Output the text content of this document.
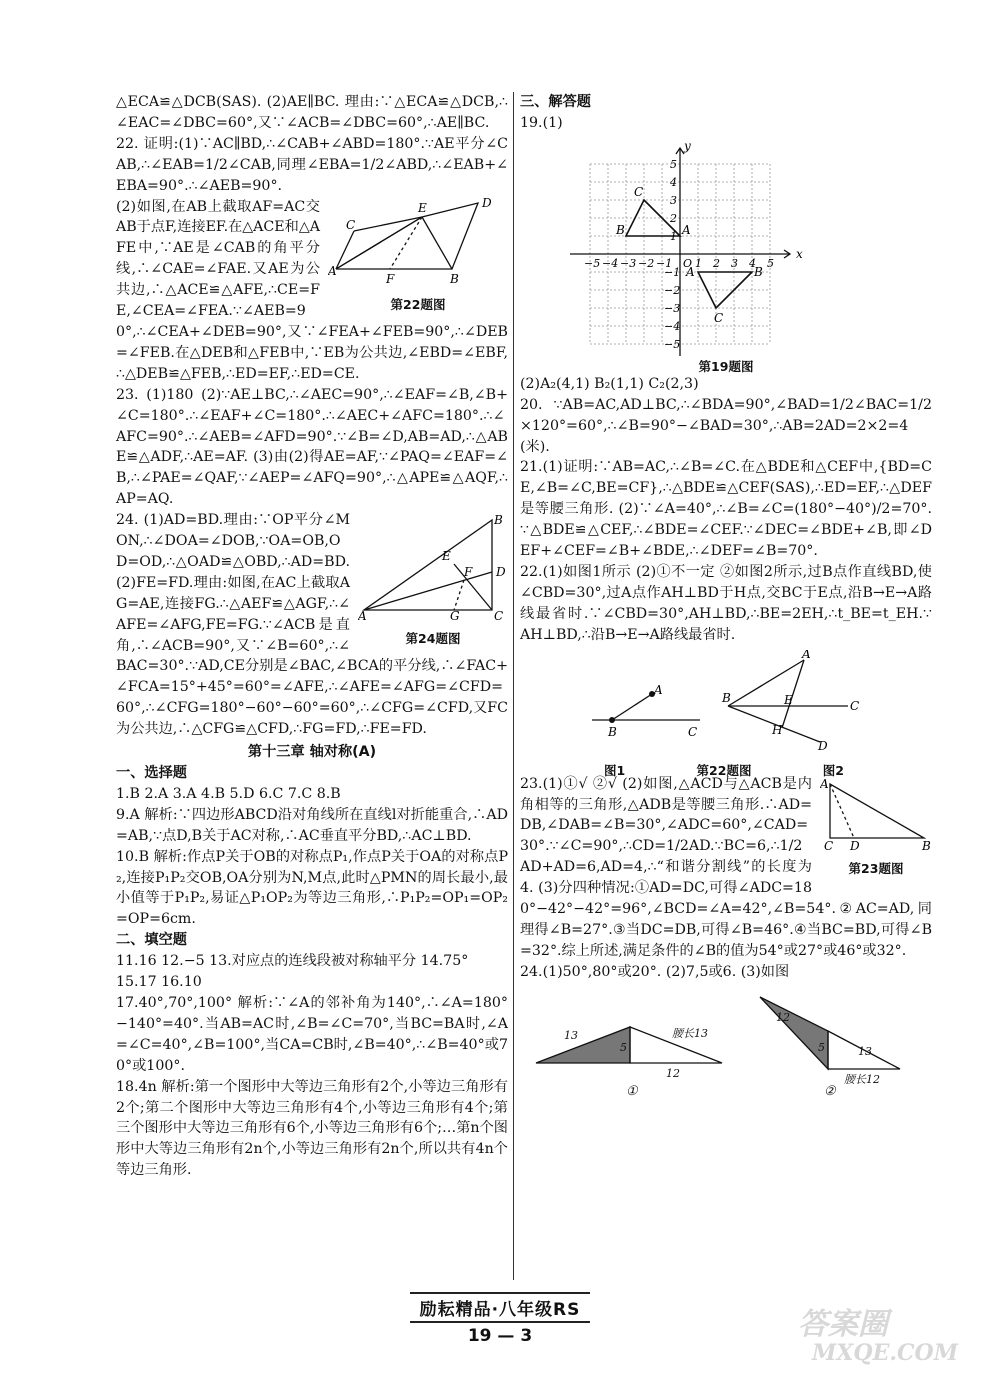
△ECA≌△DCB(SAS). (2)AE∥BC. 理由:∵△ECA≌△DCB,∴∠EAC=∠DBC=60°,又∵∠ACB=∠DBC=60°,∴AE∥BC.

22. 证明:(1)∵AC∥BD,∴∠CAB+∠ABD=180°.∵AE平分∠CAB,∴∠EAB=1/2∠CAB,同理∠EBA=1/2∠ABD,∴∠EAB+∠EBA=90°.∴∠AEB=90°.

A
C
E	D
F	B
第22题图

(2)如图,在AB上截取AF=AC交AB于点F,连接EF.在△ACE和△AFE中,∵AE是∠CAB的角平分线,∴∠CAE=∠FAE.又AE为公共边,∴△ACE≌△AFE,∴CE=FE,∠CEA=∠FEA.∵∠AEB=90°,∴∠CEA+∠DEB=90°,又∵∠FEA+∠FEB=90°,∴∠DEB=∠FEB.在△DEB和△FEB中,∵EB为公共边,∠EBD=∠EBF,∴△DEB≌△FEB,∴ED=EF,∴ED=CE.

23. (1)180 (2)∵AE⊥BC,∴∠AEC=90°,∴∠EAF=∠B,∠B+∠C=180°.∴∠EAF+∠C=180°.∴∠AEC+∠AFC=180°.∴∠AFC=90°.∴∠AEB=∠AFD=90°.∵∠B=∠D,AB=AD,∴△ABE≌△ADF,∴AE=AF. (3)由(2)得AE=AF,∵∠PAQ=∠EAF=∠B,∴∠PAE=∠QAF,∵∠AEP=∠AFQ=90°,∴△APE≌△AQF,∴AP=AQ.

A
B
C
D
E
F
G
第24题图

24. (1)AD=BD.理由:∵OP平分∠MON,∴∠DOA=∠DOB,∵OA=OB,OD=OD,∴△OAD≌△OBD,∴AD=BD. (2)FE=FD.理由:如图,在AC上截取AG=AE,连接FG.∴△AEF≌△AGF,∴∠AFE=∠AFG,FE=FG.∵∠ACB是直角,∴∠ACB=90°,又∵∠B=60°,∴∠BAC=30°.∵AD,CE分别是∠BAC,∠BCA的平分线,∴∠FAC+∠FCA=15°+45°=60°=∠AFE,∴∠AFE=∠AFG=∠CFD=60°,∴∠CFG=180°−60°−60°=60°,∴∠CFG=∠CFD,又FC为公共边,∴△CFG≌△CFD,∴FG=FD,∴FE=FD.

第十三章 轴对称(A)

一、选择题

1.B 2.A 3.A 4.B 5.D 6.C 7.C 8.B

9.A 解析:∵四边形ABCD沿对角线所在直线l对折能重合,∴AD=AB,∵点D,B关于AC对称,∴AC垂直平分BD,∴AC⊥BD.

10.B 解析:作点P关于OB的对称点P₁,作点P关于OA的对称点P₂,连接P₁P₂交OB,OA分别为N,M点,此时△PMN的周长最小,最小值等于P₁P₂,易证△P₁OP₂为等边三角形,∴P₁P₂=OP₁=OP₂=OP=6cm.

二、填空题

11.16 12.−5 13.对应点的连线段被对称轴平分 14.75°

15.17 16.10

17.40°,70°,100° 解析:∵∠A的邻补角为140°,∴∠A=180°−140°=40°.当AB=AC时,∠B=∠C=70°,当BC=BA时,∠A=∠C=40°,∠B=100°,当CA=CB时,∠B=40°,∴∠B=40°或70°或100°.

18.4n 解析:第一个图形中大等边三角形有2个,小等边三角形有2个;第二个图形中大等边三角形有4个,小等边三角形有4个;第三个图形中大等边三角形有6个,小等边三角形有6个;…第n个图形中大等边三角形有2n个,小等边三角形有2n个,所以共有4n个等边三角形.

三、解答题

19.(1)

x
y
−5 −4 −3 −2 −1 O 1 2 3 4 5
5
4
3
2
1
−1
−2
−3
−4
−5
B	A
C
A	B
C
第19题图

(2)A₂(4,1) B₂(1,1) C₂(2,3)

20. ∵AB=AC,AD⊥BC,∴∠BDA=90°,∠BAD=1/2∠BAC=1/2×120°=60°,∴∠B=90°−∠BAD=30°,∴AB=2AD=2×2=4(米).

21.(1)证明:∵AB=AC,∴∠B=∠C.在△BDE和△CEF中,{BD=CE,∠B=∠C,BE=CF},∴△BDE≌△CEF(SAS),∴ED=EF,∴△DEF是等腰三角形. (2)∵∠A=40°,∴∠B=∠C=(180°−40°)/2=70°.∵△BDE≌△CEF,∴∠BDE=∠CEF.∵∠DEC=∠BDE+∠B,即∠DEF+∠CEF=∠B+∠BDE,∴∠DEF=∠B=70°.

22.(1)如图1所示 (2)①不一定 ②如图2所示,过B点作直线BD,使∠CBD=30°,过A点作AH⊥BD于H点,交BC于E点,沿B→E→A路线最省时.∵∠CBD=30°,AH⊥BD,∴BE=2EH,∴t_BE=t_EH.∵AH⊥BD,∴沿B→E→A路线最省时.

A
B	C
B
A
C
E
H
D
图1	第22题图	图2
A
C D	B
第23题图

23.(1)①√ ②√ (2)如图,△ACD与△ACB是内角相等的三角形,△ADB是等腰三角形.∴AD=DB,∠DAB=∠B=30°,∠ADC=60°,∠CAD=30°.∵∠C=90°,∴CD=1/2AD.∵BC=6,∴1/2AD+AD=6,AD=4,∴“和谐分割线”的长度为4. (3)分四种情况:①AD=DC,可得∠ADC=180°−42°−42°=96°,∠BCD=∠A=42°,∠B=54°.②AC=AD,同理得∠B=27°.③当DC=DB,可得∠B=46°.④当BC=BD,可得∠B=32°.综上所述,满足条件的∠B的值为54°或27°或46°或32°.

24.(1)50°,80°或20°. (2)7,5或6. (3)如图

13
5
腰长13
12
12
5	13
腰长12
①	②
励耘精品·八年级RS
19 — 3	答案圈
MXQE.COM
